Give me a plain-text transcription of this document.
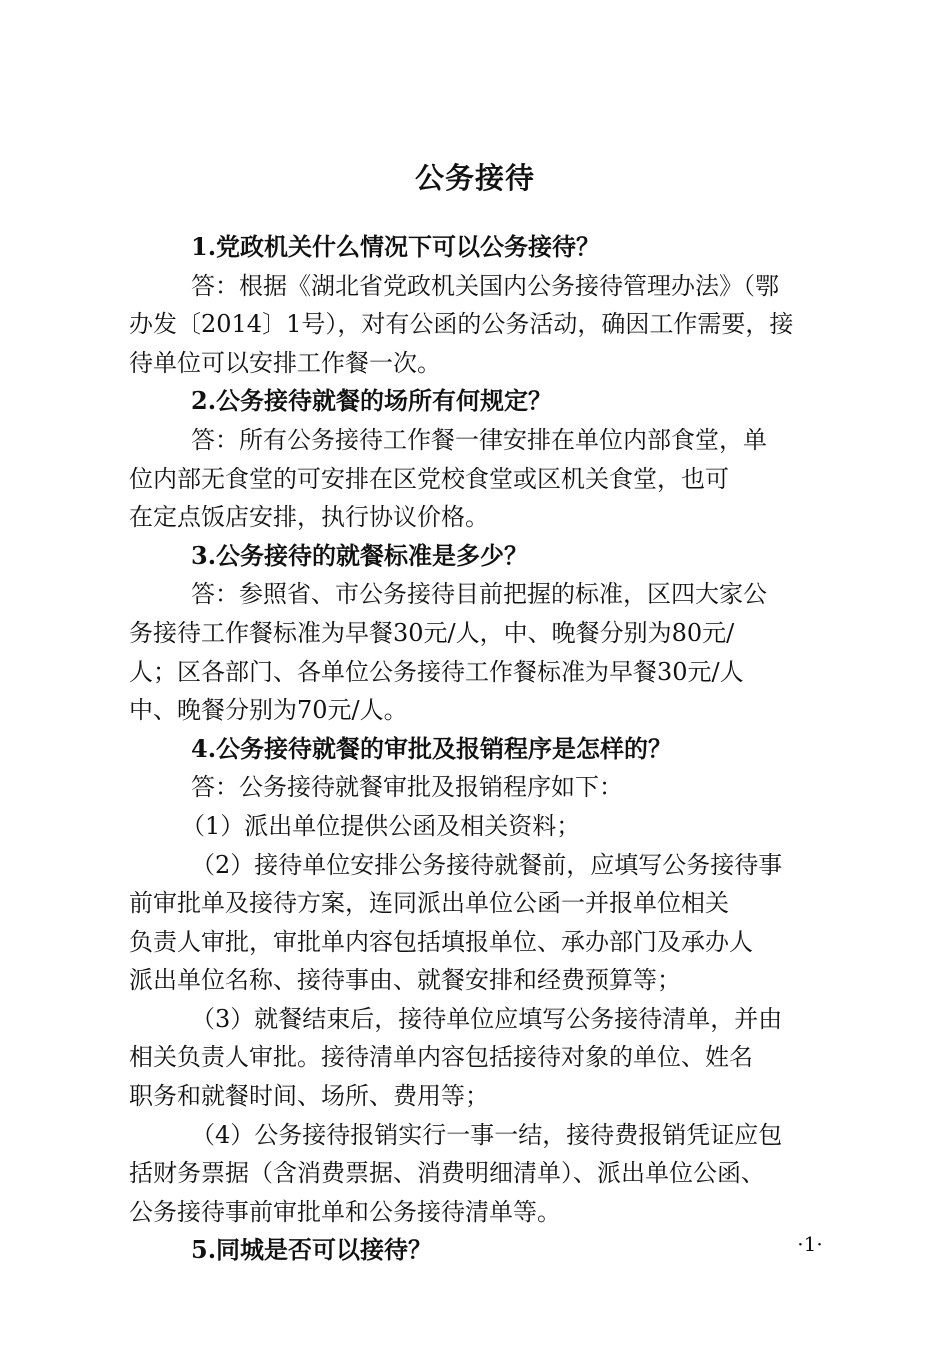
公务接待

1.党政机关什么情况下可以公务接待？

答：根据《湖北省党政机关国内公务接待管理办法》（鄂

办发〔2014〕1号），对有公函的公务活动，确因工作需要，接

待单位可以安排工作餐一次。

2.公务接待就餐的场所有何规定？

答：所有公务接待工作餐一律安排在单位内部食堂，单

位内部无食堂的可安排在区党校食堂或区机关食堂，也可

在定点饭店安排，执行协议价格。

3.公务接待的就餐标准是多少？

答：参照省、市公务接待目前把握的标准，区四大家公

务接待工作餐标准为早餐30元/人，中、晚餐分别为80元/

人；区各部门、各单位公务接待工作餐标准为早餐30元/人

中、晚餐分别为70元/人。

4.公务接待就餐的审批及报销程序是怎样的？

答：公务接待就餐审批及报销程序如下：

（1）派出单位提供公函及相关资料；

（2）接待单位安排公务接待就餐前，应填写公务接待事

前审批单及接待方案，连同派出单位公函一并报单位相关

负责人审批，审批单内容包括填报单位、承办部门及承办人

派出单位名称、接待事由、就餐安排和经费预算等；

（3）就餐结束后，接待单位应填写公务接待清单，并由

相关负责人审批。接待清单内容包括接待对象的单位、姓名

职务和就餐时间、场所、费用等；

（4）公务接待报销实行一事一结，接待费报销凭证应包

括财务票据（含消费票据、消费明细清单）、派出单位公函、

公务接待事前审批单和公务接待清单等。

5.同城是否可以接待？	·1·
